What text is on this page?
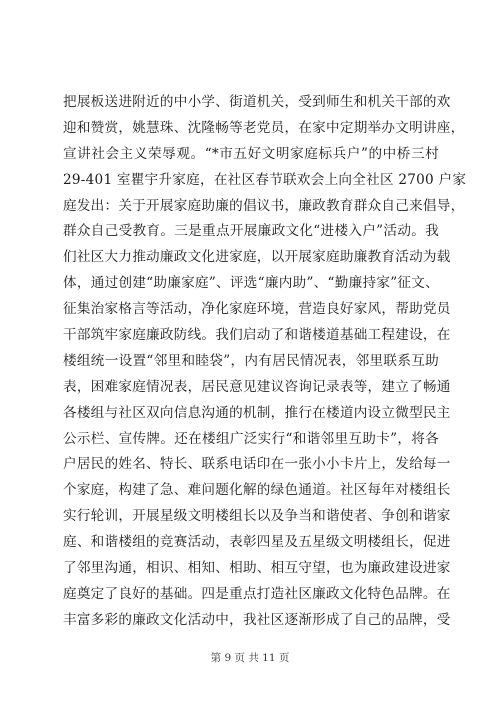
把展板送进附近的中小学、街道机关，受到师生和机关干部的欢
迎和赞赏，姚慧珠、沈隆畅等老党员，在家中定期举办文明讲座，
宣讲社会主义荣辱观。“*市五好文明家庭标兵户”的中桥三村
29-401 室瞿宇升家庭，在社区春节联欢会上向全社区 2700 户家
庭发出：关于开展家庭助廉的倡议书，廉政教育群众自己来倡导，
群众自己受教育。三是重点开展廉政文化“进楼入户”活动。我
们社区大力推动廉政文化进家庭，以开展家庭助廉教育活动为载
体，通过创建“助廉家庭”、评选“廉内助”、“勤廉持家”征文、
征集治家格言等活动，净化家庭环境，营造良好家风，帮助党员
干部筑牢家庭廉政防线。我们启动了和谐楼道基础工程建设，在
楼组统一设置“邻里和睦袋”，内有居民情况表，邻里联系互助
表，困难家庭情况表，居民意见建议咨询记录表等，建立了畅通
各楼组与社区双向信息沟通的机制，推行在楼道内设立微型民主
公示栏、宣传牌。还在楼组广泛实行“和谐邻里互助卡”，将各
户居民的姓名、特长、联系电话印在一张小小卡片上，发给每一
个家庭，构建了急、难问题化解的绿色通道。社区每年对楼组长
实行轮训，开展星级文明楼组长以及争当和谐使者、争创和谐家
庭、和谐楼组的竞赛活动，表彰四星及五星级文明楼组长，促进
了邻里沟通，相识、相知、相助、相互守望，也为廉政建设进家
庭奠定了良好的基础。四是重点打造社区廉政文化特色品牌。在
丰富多彩的廉政文化活动中，我社区逐渐形成了自己的品牌，受
第 9 页 共 11 页
